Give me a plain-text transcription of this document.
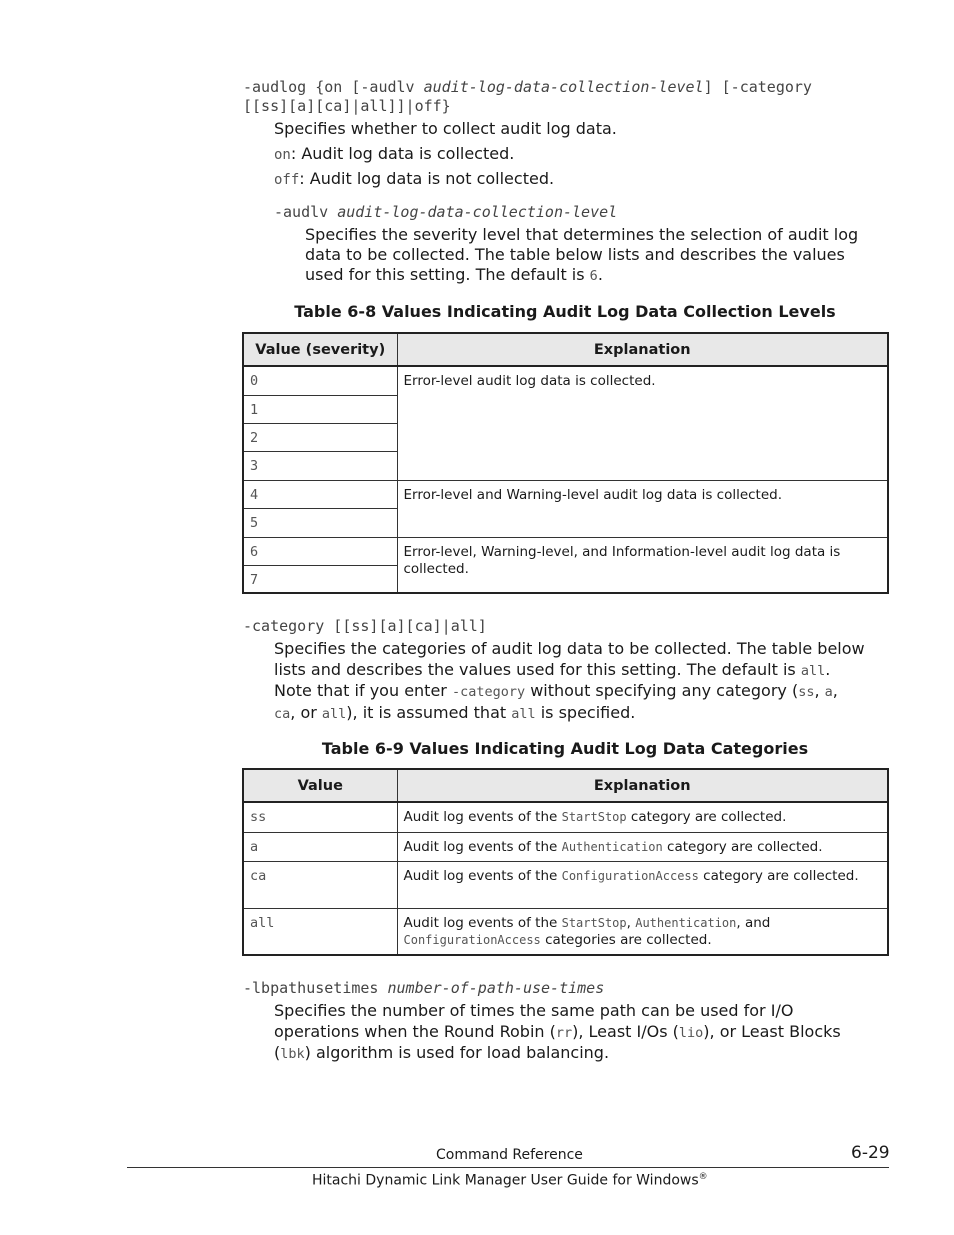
-audlog {on [-audlv audit-log-data-collection-level] [-category
[[ss][a][ca]|all]]|off}
Specifies whether to collect audit log data.
on: Audit log data is collected.
off: Audit log data is not collected.
-audlv audit-log-data-collection-level
Specifies the severity level that determines the selection of audit log
data to be collected. The table below lists and describes the values
used for this setting. The default is 6.
Table 6-8 Values Indicating Audit Log Data Collection Levels
Value (severity)	Explanation
0	Error-level audit log data is collected.
1	
2	
3	
4	Error-level and Warning-level audit log data is collected.
5	
6	Error-level, Warning-level, and Information-level audit log data is collected.
7	
-category [[ss][a][ca]|all]
Specifies the categories of audit log data to be collected. The table below
lists and describes the values used for this setting. The default is all.
Note that if you enter -category without specifying any category (ss, a,
ca, or all), it is assumed that all is specified.
Table 6-9 Values Indicating Audit Log Data Categories
Value	Explanation
ss	Audit log events of the StartStop category are collected.
a	Audit log events of the Authentication category are collected.
ca	Audit log events of the ConfigurationAccess category are collected.
all	Audit log events of the StartStop, Authentication, and
ConfigurationAccess categories are collected.
-lbpathusetimes number-of-path-use-times
Specifies the number of times the same path can be used for I/O
operations when the Round Robin (rr), Least I/Os (lio), or Least Blocks
(lbk) algorithm is used for load balancing.
Command Reference	6-29
Hitachi Dynamic Link Manager User Guide for Windows®
